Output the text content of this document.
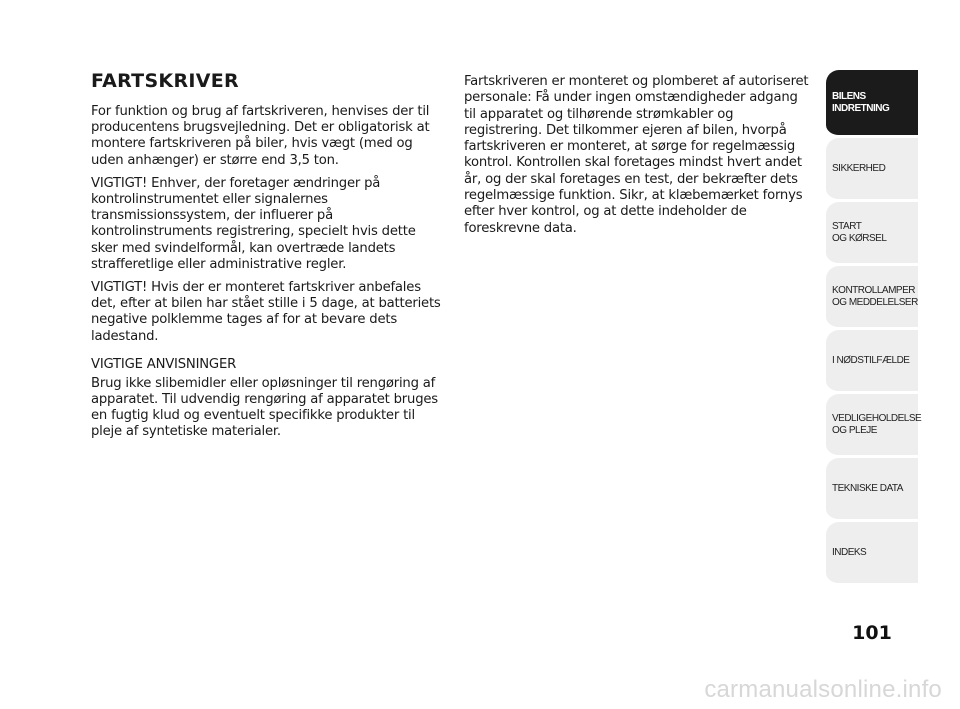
FARTSKRIVER

For funktion og brug af fartskriveren, henvises der til producentens brugsvejledning. Det er obligatorisk at montere fartskriveren på biler, hvis vægt (med og uden anhænger) er større end 3,5 ton.

VIGTIGT! Enhver, der foretager ændringer på kontrolinstrumentet eller signalernes transmissionssystem, der influerer på kontrolinstruments registrering, specielt hvis dette sker med svindelformål, kan overtræde landets strafferetlige eller administrative regler.

VIGTIGT! Hvis der er monteret fartskriver anbefales det, efter at bilen har stået stille i 5 dage, at batteriets negative polklemme tages af for at bevare dets ladestand.

VIGTIGE ANVISNINGER

Brug ikke slibemidler eller opløsninger til rengøring af apparatet. Til udvendig rengøring af apparatet bruges en fugtig klud og eventuelt specifikke produkter til pleje af syntetiske materialer.

Fartskriveren er monteret og plomberet af autoriseret personale: Få under ingen omstændigheder adgang til apparatet og tilhørende strømkabler og registrering. Det tilkommer ejeren af bilen, hvorpå fartskriveren er monteret, at sørge for regelmæssig kontrol. Kontrollen skal foretages mindst hvert andet år, og der skal foretages en test, der bekræfter dets regelmæssige funktion. Sikr, at klæbemærket fornys efter hver kontrol, og at dette indeholder de foreskrevne data.

BILENS
INDRETNING
SIKKERHED
START
OG KØRSEL
KONTROLLAMPER
OG MEDDELELSER
I NØDSTILFÆLDE
VEDLIGEHOLDELSE
OG PLEJE
TEKNISKE DATA
INDEKS
101
carmanualsonline.info
